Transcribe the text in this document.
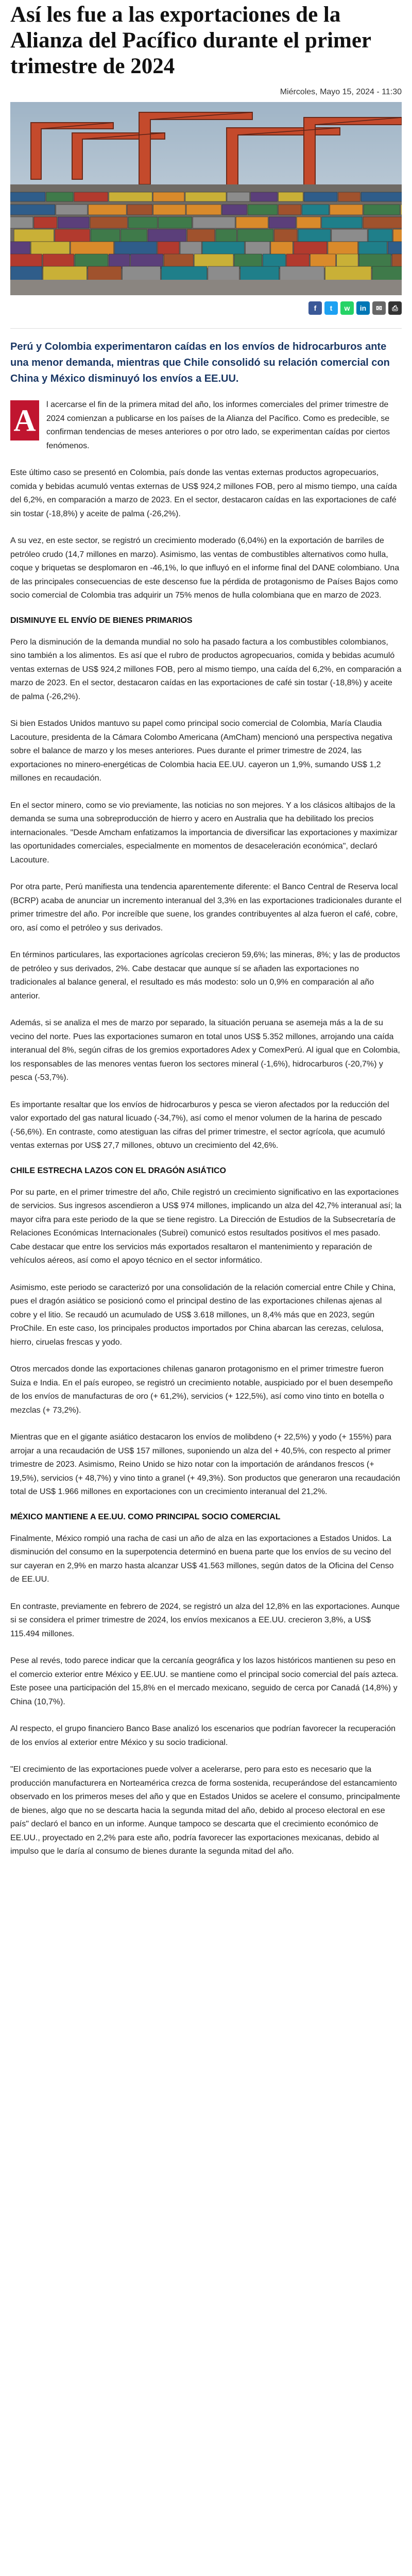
Así les fue a las exportaciones de la Alianza del Pacífico durante el primer trimestre de 2024
Miércoles, Mayo 15, 2024 - 11:30
f	t	w	in	✉	⎙

Perú y Colombia experimentaron caídas en los envíos de hidrocarburos ante una menor demanda, mientras que Chile consolidó su relación comercial con China y México disminuyó los envíos a EE.UU.

A	l acercarse el fin de la primera mitad del año, los informes comerciales del primer trimestre de 2024 comienzan a publicarse en los países de la Alianza del Pacífico. Como es predecible, se confirman tendencias de meses anteriores o por otro lado, se experimentan caídas por ciertos fenómenos.

Este último caso se presentó en Colombia, país donde las ventas externas productos agropecuarios, comida y bebidas acumuló ventas externas de US$ 924,2 millones FOB, pero al mismo tiempo, una caída del 6,2%, en comparación a marzo de 2023. En el sector, destacaron caídas en las exportaciones de café sin tostar (-18,8%) y aceite de palma (-26,2%).

A su vez, en este sector, se registró un crecimiento moderado (6,04%) en la exportación de barriles de petróleo crudo (14,7 millones en marzo). Asimismo, las ventas de combustibles alternativos como hulla, coque y briquetas se desplomaron en -46,1%, lo que influyó en el informe final del DANE colombiano. Una de las principales consecuencias de este descenso fue la pérdida de protagonismo de Países Bajos como socio comercial de Colombia tras adquirir un 75% menos de hulla colombiana que en marzo de 2023.

DISMINUYE EL ENVÍO DE BIENES PRIMARIOS

Pero la disminución de la demanda mundial no solo ha pasado factura a los combustibles colombianos, sino también a los alimentos. Es así que el rubro de productos agropecuarios, comida y bebidas acumuló ventas externas de US$ 924,2 millones FOB, pero al mismo tiempo, una caída del 6,2%, en comparación a marzo de 2023. En el sector, destacaron caídas en las exportaciones de café sin tostar (-18,8%) y aceite de palma (-26,2%).

Si bien Estados Unidos mantuvo su papel como principal socio comercial de Colombia, María Claudia Lacouture, presidenta de la Cámara Colombo Americana (AmCham) mencionó una perspectiva negativa sobre el balance de marzo y los meses anteriores. Pues durante el primer trimestre de 2024, las exportaciones no minero-energéticas de Colombia hacia EE.UU. cayeron un 1,9%, sumando US$ 1,2 millones en recaudación.

En el sector minero, como se vio previamente, las noticias no son mejores. Y a los clásicos altibajos de la demanda se suma una sobreproducción de hierro y acero en Australia que ha debilitado los precios internacionales. "Desde Amcham enfatizamos la importancia de diversificar las exportaciones y maximizar las oportunidades comerciales, especialmente en momentos de desaceleración económica", declaró Lacouture.

Por otra parte, Perú manifiesta una tendencia aparentemente diferente: el Banco Central de Reserva local (BCRP) acaba de anunciar un incremento interanual del 3,3% en las exportaciones tradicionales durante el primer trimestre del año. Por increíble que suene, los grandes contribuyentes al alza fueron el café, cobre, oro, así como el petróleo y sus derivados.

En términos particulares, las exportaciones agrícolas crecieron 59,6%; las mineras, 8%; y las de productos de petróleo y sus derivados, 2%. Cabe destacar que aunque sí se añaden las exportaciones no tradicionales al balance general, el resultado es más modesto: solo un 0,9% en comparación al año anterior.

Además, si se analiza el mes de marzo por separado, la situación peruana se asemeja más a la de su vecino del norte. Pues las exportaciones sumaron en total unos US$ 5.352 millones, arrojando una caída interanual del 8%, según cifras de los gremios exportadores Adex y ComexPerú. Al igual que en Colombia, los responsables de las menores ventas fueron los sectores mineral (-1,6%), hidrocarburos (-20,7%) y pesca (-53,7%).

Es importante resaltar que los envíos de hidrocarburos y pesca se vieron afectados por la reducción del valor exportado del gas natural licuado (-34,7%), así como el menor volumen de la harina de pescado (-56,6%). En contraste, como atestiguan las cifras del primer trimestre, el sector agrícola, que acumuló ventas externas por US$ 27,7 millones, obtuvo un crecimiento del 42,6%.

CHILE ESTRECHA LAZOS CON EL DRAGÓN ASIÁTICO

Por su parte, en el primer trimestre del año, Chile registró un crecimiento significativo en las exportaciones de servicios. Sus ingresos ascendieron a US$ 974 millones, implicando un alza del 42,7% interanual así; la mayor cifra para este periodo de la que se tiene registro. La Dirección de Estudios de la Subsecretaría de Relaciones Económicas Internacionales (Subrei) comunicó estos resultados positivos el mes pasado. Cabe destacar que entre los servicios más exportados resaltaron el mantenimiento y reparación de vehículos aéreos, así como el apoyo técnico en el sector informático.

Asimismo, este periodo se caracterizó por una consolidación de la relación comercial entre Chile y China, pues el dragón asiático se posicionó como el principal destino de las exportaciones chilenas ajenas al cobre y el litio. Se recaudó un acumulado de US$ 3.618 millones, un 8,4% más que en 2023, según ProChile. En este caso, los principales productos importados por China abarcan las cerezas, celulosa, hierro, ciruelas frescas y yodo.

Otros mercados donde las exportaciones chilenas ganaron protagonismo en el primer trimestre fueron Suiza e India. En el país europeo, se registró un crecimiento notable, auspiciado por el buen desempeño de los envíos de manufacturas de oro (+ 61,2%), servicios (+ 122,5%), así como vino tinto en botella o mezclas (+ 73,2%).

Mientras que en el gigante asiático destacaron los envíos de molibdeno (+ 22,5%) y yodo (+ 155%) para arrojar a una recaudación de US$ 157 millones, suponiendo un alza del + 40,5%, con respecto al primer trimestre de 2023. Asimismo, Reino Unido se hizo notar con la importación de arándanos frescos (+ 19,5%), servicios (+ 48,7%) y vino tinto a granel (+ 49,3%). Son productos que generaron una recaudación total de US$ 1.966 millones en exportaciones con un crecimiento interanual del 21,2%.

MÉXICO MANTIENE A EE.UU. COMO PRINCIPAL SOCIO COMERCIAL

Finalmente, México rompió una racha de casi un año de alza en las exportaciones a Estados Unidos. La disminución del consumo en la superpotencia determinó en buena parte que los envíos de su vecino del sur cayeran en 2,9% en marzo hasta alcanzar US$ 41.563 millones, según datos de la Oficina del Censo de EE.UU.

En contraste, previamente en febrero de 2024, se registró un alza del 12,8% en las exportaciones. Aunque si se considera el primer trimestre de 2024, los envíos mexicanos a EE.UU. crecieron 3,8%, a US$ 115.494 millones.

Pese al revés, todo parece indicar que la cercanía geográfica y los lazos históricos mantienen su peso en el comercio exterior entre México y EE.UU. se mantiene como el principal socio comercial del país azteca. Este posee una participación del 15,8% en el mercado mexicano, seguido de cerca por Canadá (14,8%) y China (10,7%).

Al respecto, el grupo financiero Banco Base analizó los escenarios que podrían favorecer la recuperación de los envíos al exterior entre México y su socio tradicional.

"El crecimiento de las exportaciones puede volver a acelerarse, pero para esto es necesario que la producción manufacturera en Norteamérica crezca de forma sostenida, recuperándose del estancamiento observado en los primeros meses del año y que en Estados Unidos se acelere el consumo, principalmente de bienes, algo que no se descarta hacia la segunda mitad del año, debido al proceso electoral en ese país" declaró el banco en un informe. Aunque tampoco se descarta que el crecimiento económico de EE.UU., proyectado en 2,2% para este año, podría favorecer las exportaciones mexicanas, debido al impulso que le daría al consumo de bienes durante la segunda mitad del año.
